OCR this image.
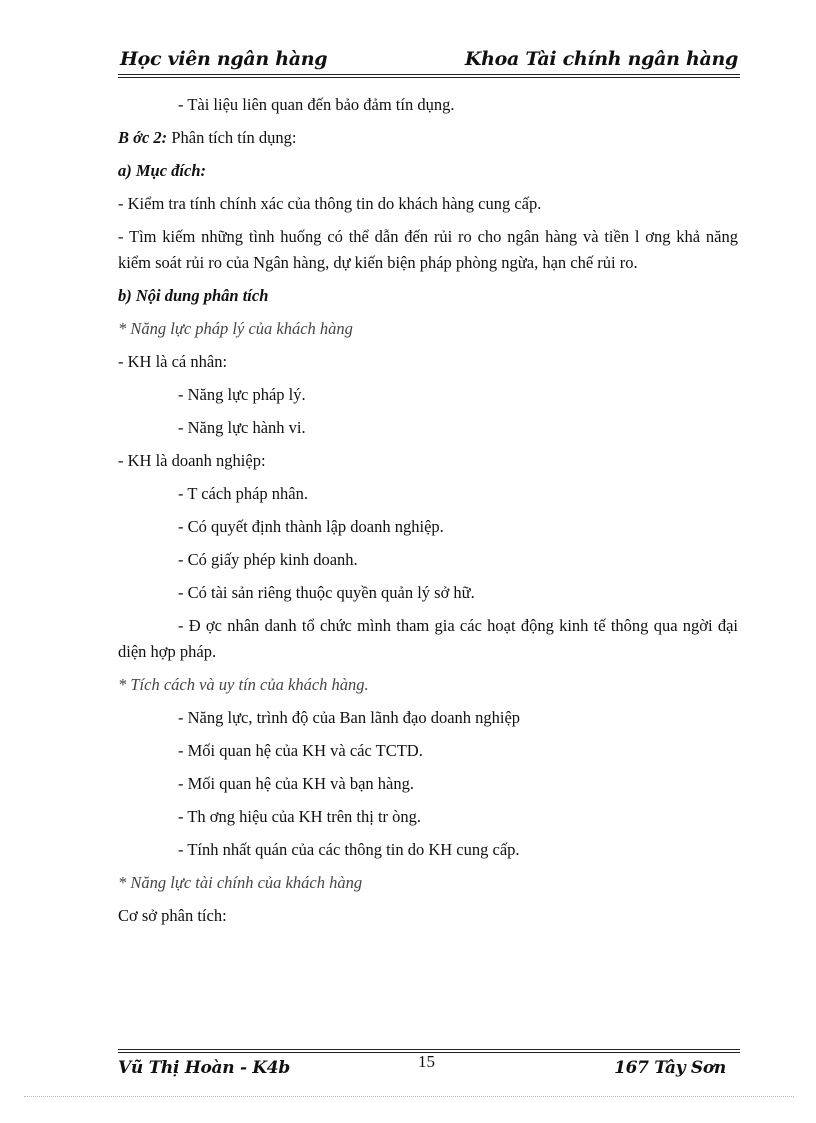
Học viên ngân hàng	Khoa Tài chính ngân hàng

- Tài liệu liên quan đến bảo đảm tín dụng.

B ớc 2: Phân tích tín dụng:

a) Mục đích:

- Kiểm tra tính chính xác của thông tin do khách hàng cung cấp.

- Tìm kiếm những tình huống có thể dẫn đến rủi ro cho ngân hàng và tiền l ơng khả năng kiểm soát rủi ro của Ngân hàng, dự kiến biện pháp phòng ngừa, hạn chế rủi ro.

b) Nội dung phân tích

* Năng lực pháp lý của khách hàng

- KH là cá nhân:

- Năng lực pháp lý.

- Năng lực hành vi.

- KH là doanh nghiệp:

- T cách pháp nhân.

- Có quyết định thành lập doanh nghiệp.

- Có giấy phép kinh doanh.

- Có tài sản riêng thuộc quyền quản lý sở hữ.

- Đ ợc nhân danh tổ chức mình tham gia các hoạt động kinh tế thông qua ngời đại diện hợp pháp.

* Tích cách và uy tín của khách hàng.

- Năng lực, trình độ của Ban lãnh đạo doanh nghiệp

- Mối quan hệ của KH và các TCTD.

- Mối quan hệ của KH và bạn hàng.

- Th ơng hiệu của KH trên thị tr òng.

- Tính nhất quán của các thông tin do KH cung cấp.

* Năng lực tài chính của khách hàng

Cơ sở phân tích:

Vũ Thị Hoàn - K4b	15	167 Tây Sơn
